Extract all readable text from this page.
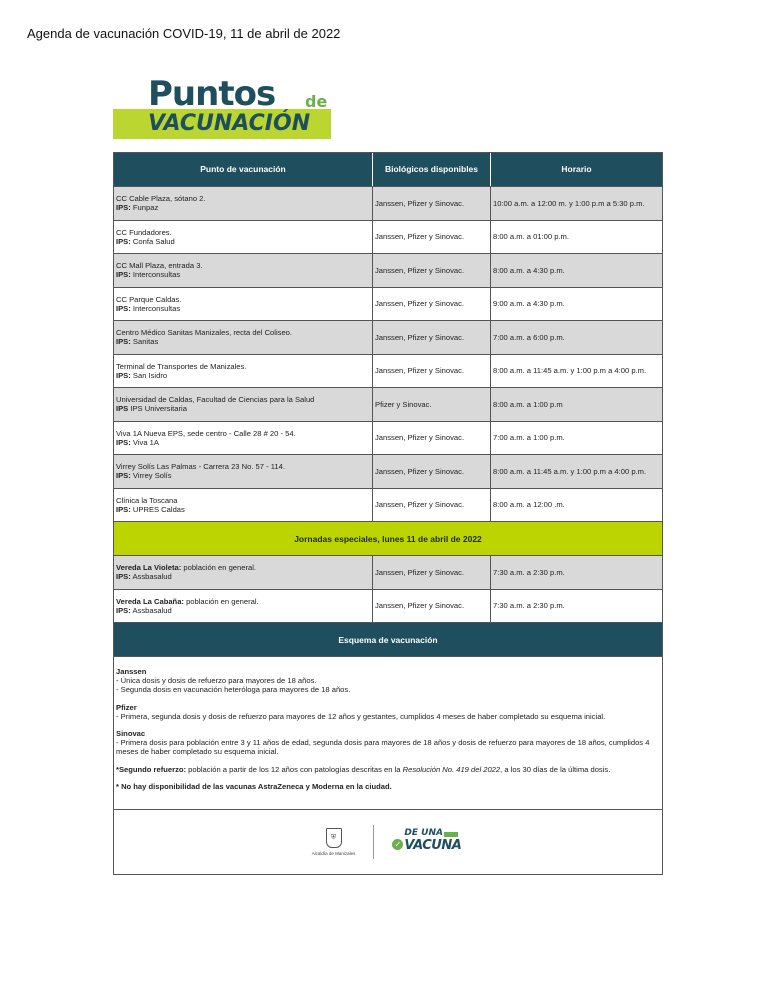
Agenda de vacunación COVID-19, 11 de abril de 2022
Puntos de
VACUNACIÓN
Punto de vacunación	Biológicos disponibles	Horario
CC Cable Plaza, sótano 2.
IPS: Funpaz	Janssen, Pfizer y Sinovac.	10:00 a.m. a 12:00 m. y 1:00 p.m a 5:30 p.m.
CC Fundadores.
IPS: Confa Salud	Janssen, Pfizer y Sinovac.	8:00 a.m. a 01:00 p.m.
CC Mall Plaza, entrada 3.
IPS: Interconsultas	Janssen, Pfizer y Sinovac.	8:00 a.m. a 4:30 p.m.
CC Parque Caldas.
IPS: Interconsultas	Janssen, Pfizer y Sinovac.	9:00 a.m. a 4:30 p.m.
Centro Médico Sanitas Manizales, recta del Coliseo.
IPS: Sanitas	Janssen, Pfizer y Sinovac.	7:00 a.m. a 6:00 p.m.
Terminal de Transportes de Manizales.
IPS: San Isidro	Janssen, Pfizer y Sinovac.	8:00 a.m. a 11:45 a.m. y 1:00 p.m a 4:00 p.m.
Universidad de Caldas, Facultad de Ciencias para la Salud
IPS IPS Universitaria	Pfizer y Sinovac.	8:00 a.m. a 1:00 p.m
Viva 1A Nueva EPS, sede centro - Calle 28 # 20 - 54.
IPS: Viva 1A	Janssen, Pfizer y Sinovac.	7:00 a.m. a 1:00 p.m.
Virrey Solís Las Palmas - Carrera 23 No. 57 - 114.
IPS: Virrey Solís	Janssen, Pfizer y Sinovac.	8:00 a.m. a 11:45 a.m. y 1:00 p.m a 4:00 p.m.
Clínica la Toscana
IPS: UPRES Caldas	Janssen, Pfizer y Sinovac.	8:00 a.m. a 12:00 .m.
Jornadas especiales, lunes 11 de abril de 2022
Vereda La Violeta: población en general.
IPS: Assbasalud	Janssen, Pfizer y Sinovac.	7:30 a.m. a 2:30 p.m.
Vereda La Cabaña: población en general.
IPS: Assbasalud	Janssen, Pfizer y Sinovac.	7:30 a.m. a 2:30 p.m.
Esquema de vacunación

Janssen
- Única dosis y dosis de refuerzo para mayores de 18 años.
- Segunda dosis en vacunación heteróloga para mayores de 18 años.

Pfizer
- Primera, segunda dosis y dosis de refuerzo para mayores de 12 años y gestantes, cumplidos 4 meses de haber completado su esquema inicial.

Sinovac
- Primera dosis para población entre 3 y 11 años de edad, segunda dosis para mayores de 18 años y dosis de refuerzo para mayores de 18 años, cumplidos 4 meses de haber completado su esquema inicial.

*Segundo refuerzo: población a partir de los 12 años con patologías descritas en la Resolución No. 419 del 2022, a los 30 días de la última dosis.

* No hay disponibilidad de las vacunas AstraZeneca y Moderna en la ciudad.

⛨
Alcaldía de Manizales
✓
DE UNA
VACUNA
